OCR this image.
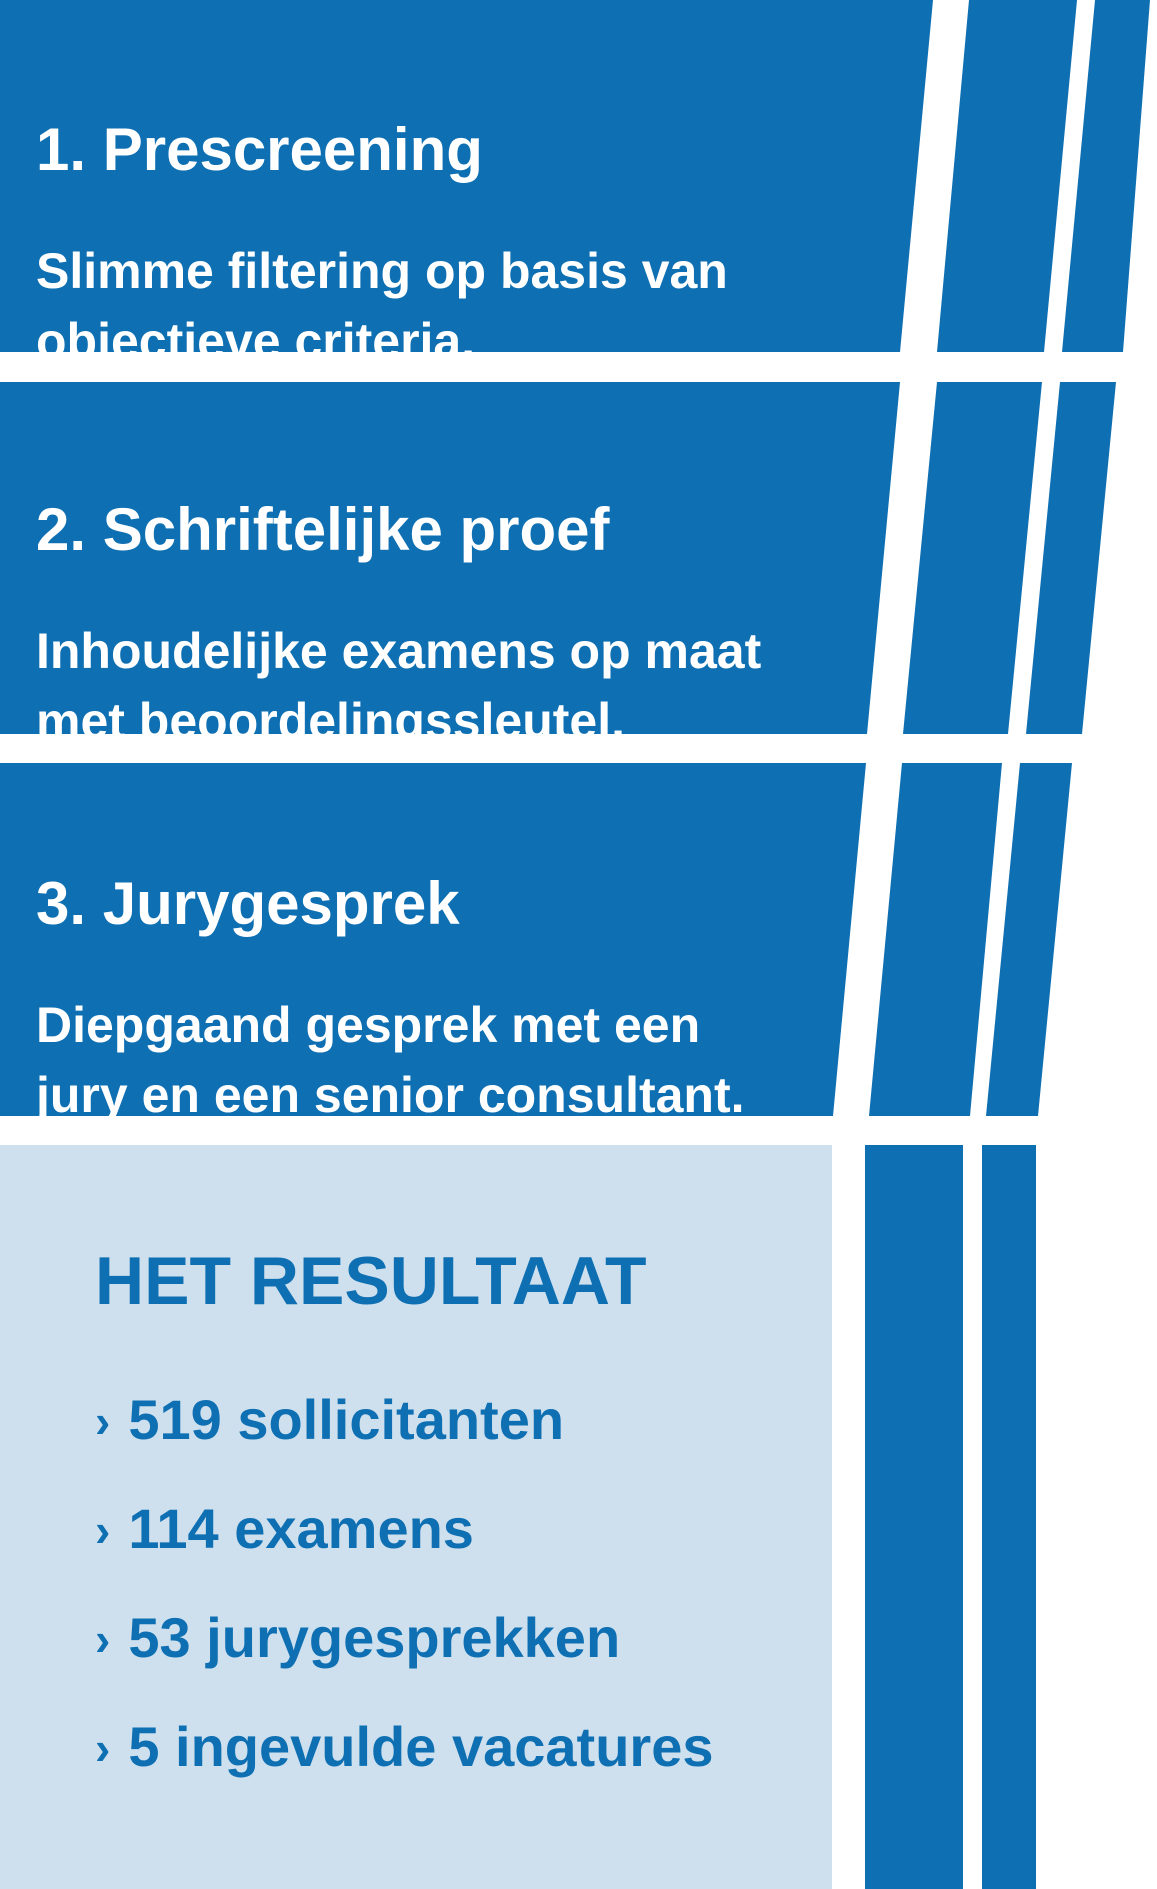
1. Prescreening

Slimme filtering op basis van
objectieve criteria.

2. Schriftelijke proef

Inhoudelijke examens op maat
met beoordelingssleutel.

3. Jurygesprek

Diepgaand gesprek met een
jury en een senior consultant.

HET RESULTAAT
› 519 sollicitanten
› 114 examens
› 53 jurygesprekken
› 5 ingevulde vacatures
